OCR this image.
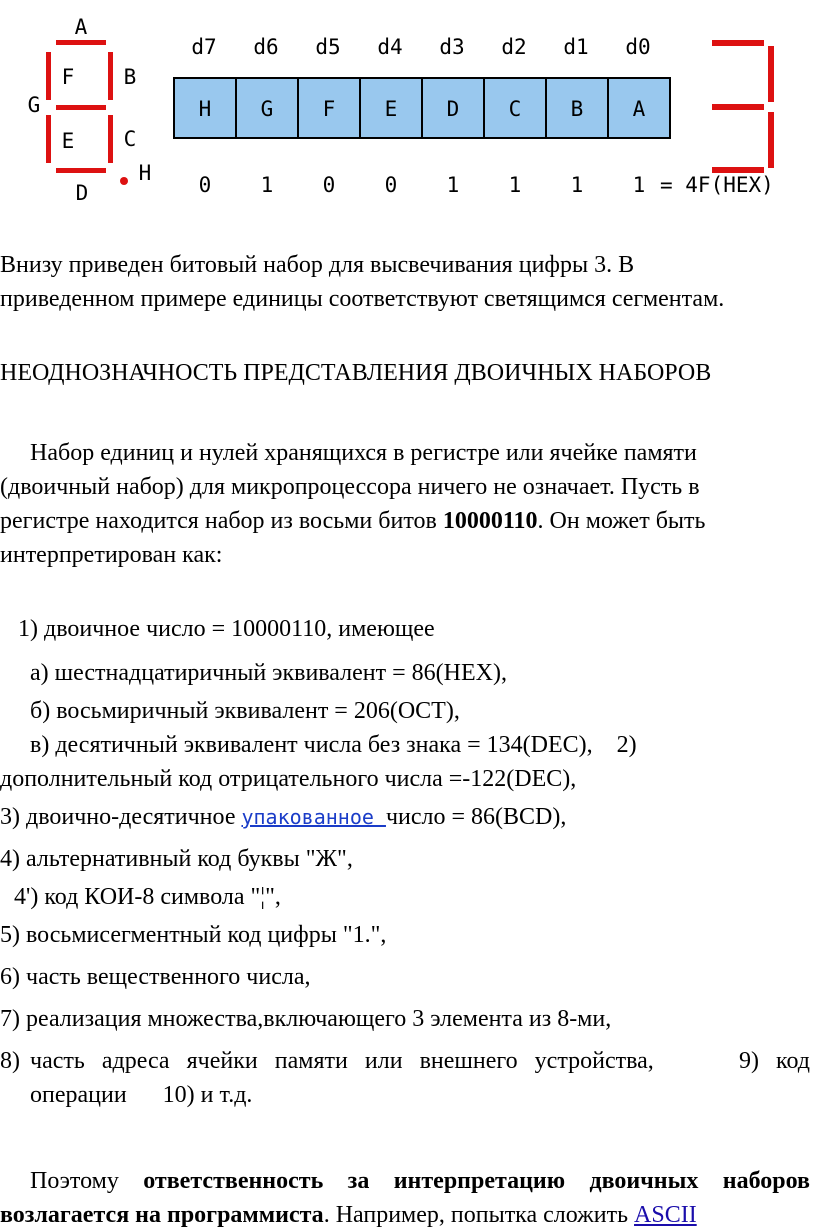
A
F B
G
E C
H
D
d7 d6 d5 d4 d3 d2 d1 d0
H G F E D C B A
0 1 0 0 1 1 1 1 = 4F(HEX)

Внизу приведен битовый набор для высвечивания цифры 3. В

приведенном примере единицы соответствуют светящимся сегментам.

НЕОДНОЗНАЧНОСТЬ ПРЕДСТАВЛЕНИЯ ДВОИЧНЫХ НАБОРОВ

Набор единиц и нулей хранящихся в регистре или ячейке памяти

(двоичный набор) для микропроцессора ничего не означает. Пусть в

регистре находится набор из восьми битов 10000110. Он может быть

интерпретирован как:

1) двоичное число = 10000110, имеющее

а) шестнадцатиричный эквивалент = 86(HEX),

б) восьмиричный эквивалент = 206(OCT),

в) десятичный эквивалент числа без знака = 134(DEC),    2)

дополнительный код отрицательного числа =-122(DEC),

3) двоично-десятичное упакованное число = 86(BCD),

4) альтернативный код буквы "Ж",

4') код КОИ-8 символа "¦",

5) восьмисегментный код цифры "1.",

6) часть вещественного числа,

7) реализация множества,включающего 3 элемента из 8-ми,

8) часть адреса ячейки памяти или внешнего устройства,     9) код
операции      10) и т.д.

Поэтому ответственность за интерпретацию двоичных наборов

возлагается на программиста. Например, попытка сложить ASCII
